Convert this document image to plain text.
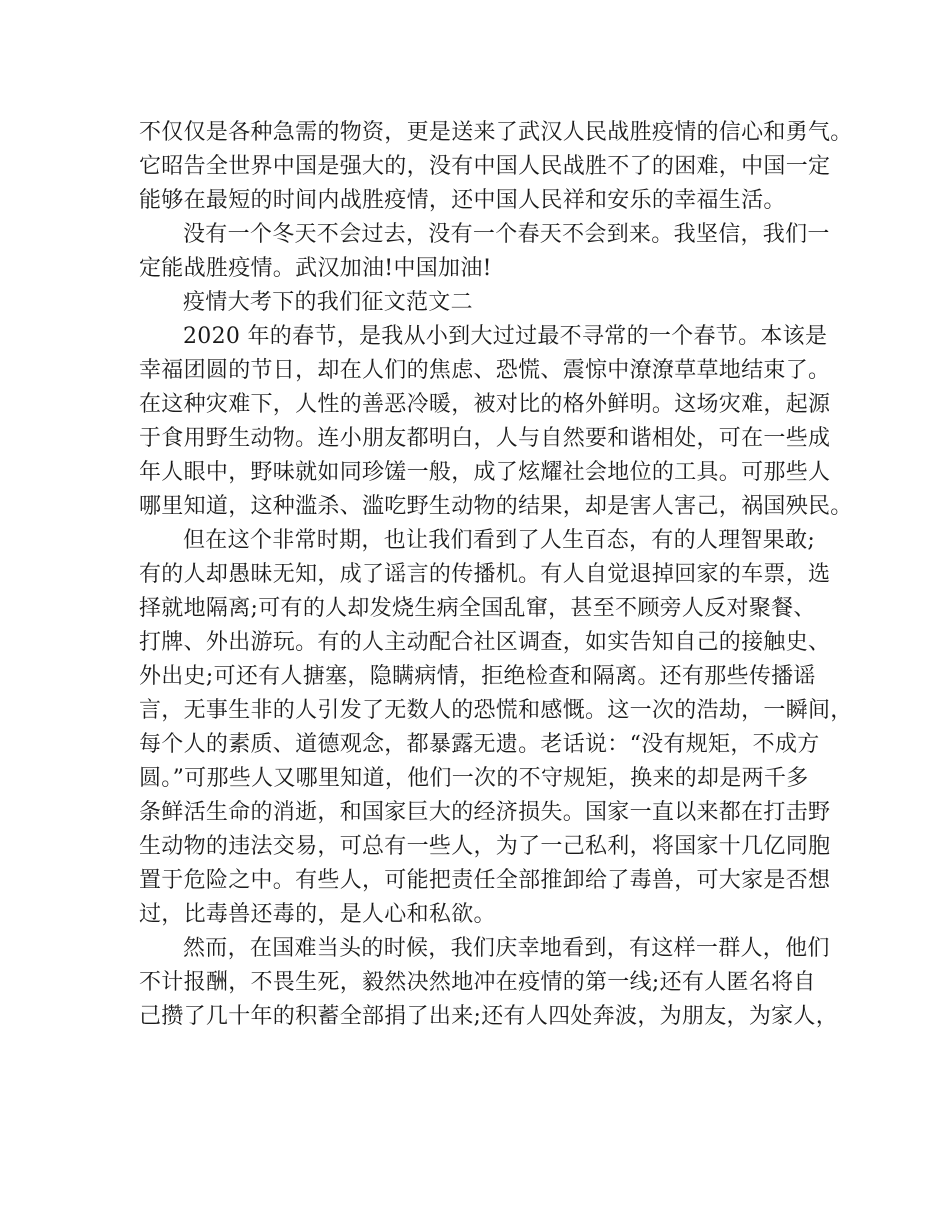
不仅仅是各种急需的物资，更是送来了武汉人民战胜疫情的信心和勇气。
它昭告全世界中国是强大的，没有中国人民战胜不了的困难，中国一定
能够在最短的时间内战胜疫情，还中国人民祥和安乐的幸福生活。
没有一个冬天不会过去，没有一个春天不会到来。我坚信，我们一
定能战胜疫情。武汉加油!中国加油!
疫情大考下的我们征文范文二
2020 年的春节，是我从小到大过过最不寻常的一个春节。本该是
幸福团圆的节日，却在人们的焦虑、恐慌、震惊中潦潦草草地结束了。
在这种灾难下，人性的善恶冷暖，被对比的格外鲜明。这场灾难，起源
于食用野生动物。连小朋友都明白，人与自然要和谐相处，可在一些成
年人眼中，野味就如同珍馐一般，成了炫耀社会地位的工具。可那些人
哪里知道，这种滥杀、滥吃野生动物的结果，却是害人害己，祸国殃民。
但在这个非常时期，也让我们看到了人生百态，有的人理智果敢;
有的人却愚昧无知，成了谣言的传播机。有人自觉退掉回家的车票，选
择就地隔离;可有的人却发烧生病全国乱窜，甚至不顾旁人反对聚餐、
打牌、外出游玩。有的人主动配合社区调查，如实告知自己的接触史、
外出史;可还有人搪塞，隐瞒病情，拒绝检查和隔离。还有那些传播谣
言，无事生非的人引发了无数人的恐慌和感慨。这一次的浩劫，一瞬间，
每个人的素质、道德观念，都暴露无遗。老话说：“没有规矩，不成方
圆。”可那些人又哪里知道，他们一次的不守规矩，换来的却是两千多
条鲜活生命的消逝，和国家巨大的经济损失。国家一直以来都在打击野
生动物的违法交易，可总有一些人，为了一己私利，将国家十几亿同胞
置于危险之中。有些人，可能把责任全部推卸给了毒兽，可大家是否想
过，比毒兽还毒的，是人心和私欲。
然而，在国难当头的时候，我们庆幸地看到，有这样一群人，他们
不计报酬，不畏生死，毅然决然地冲在疫情的第一线;还有人匿名将自
己攒了几十年的积蓄全部捐了出来;还有人四处奔波，为朋友，为家人，
